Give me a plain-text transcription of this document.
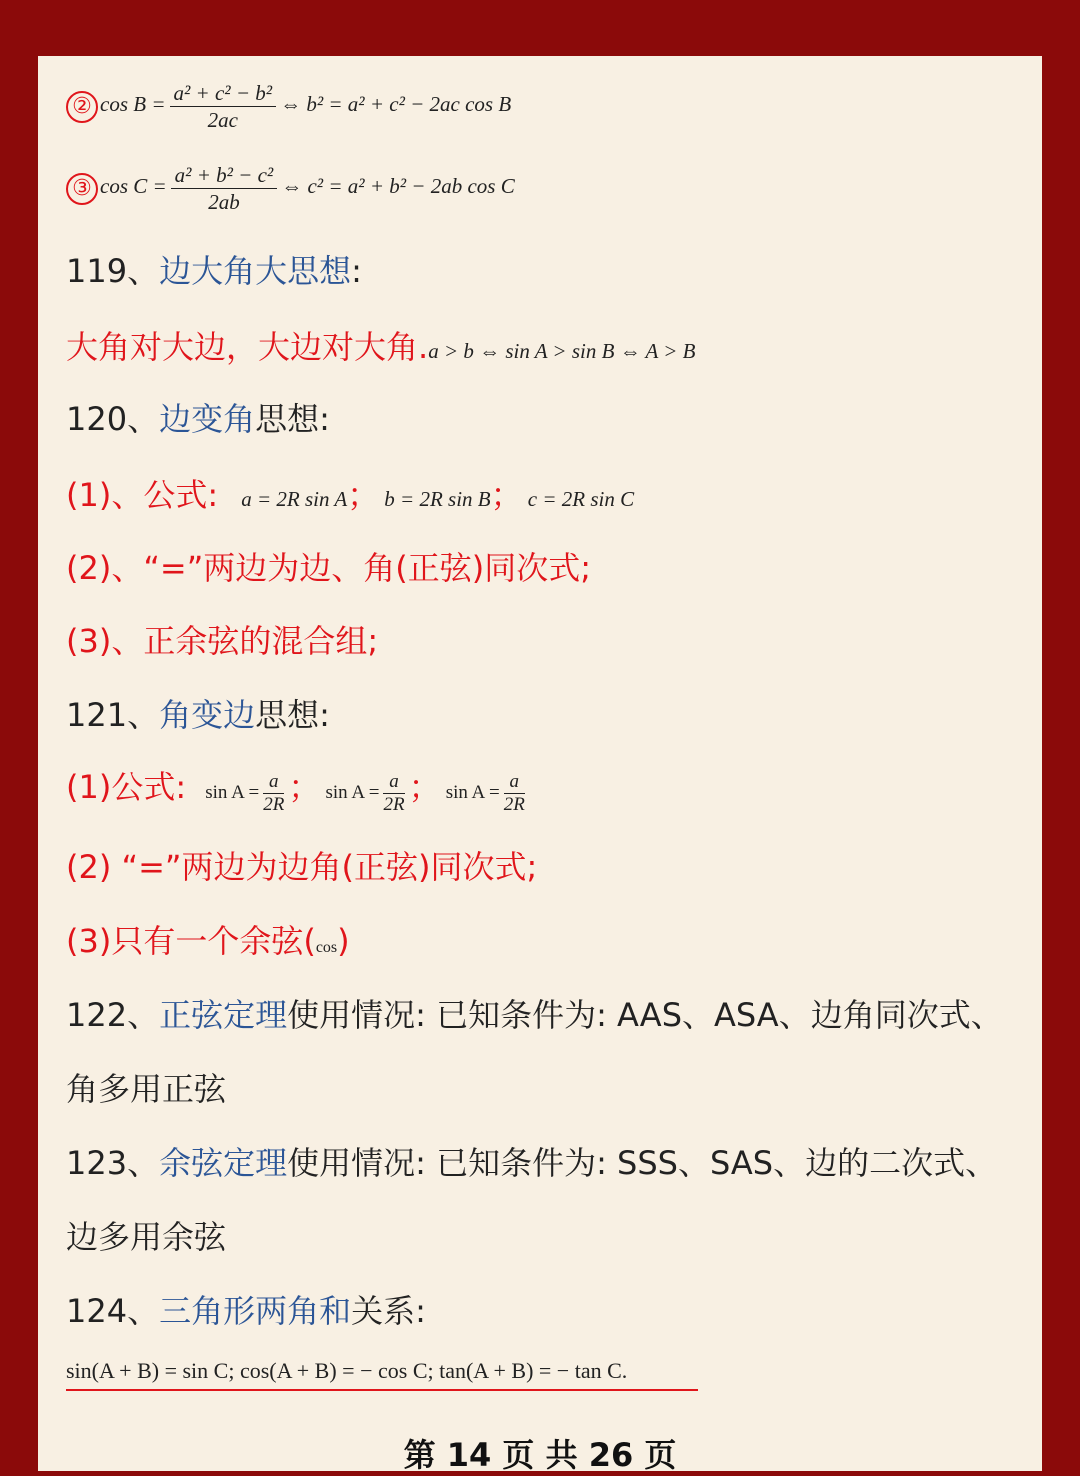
② $\cos B = \frac{\text{a² + c² − b²}}{2ac}$ ⇔ b² = a² + c² − 2ac cos B
③ $\cos C = \frac{\text{a² + b² − c²}}{2ab}$ ⇔ c² = a² + b² − 2ab cos C
119、边大角大思想:
大角对大边，大边对大角.a > b ⇔ sin A > sin B ⇔ A > B
120、边变角思想:
(1)、公式: a = 2R sin A； b = 2R sin B； c = 2R sin C
(2)、“=”两边为边、角(正弦)同次式;
(3)、正余弦的混合组;
121、角变边思想:
(1)公式: $\sin A = \frac{a}{2R}$ ； $\sin A = \frac{a}{2R}$ ； $\sin A = \frac{a}{2R}$
(2) “=”两边为边角(正弦)同次式;
(3)只有一个余弦(cos)
122、正弦定理使用情况: 已知条件为: AAS、ASA、边角同次式、
角多用正弦
123、余弦定理使用情况: 已知条件为: SSS、SAS、边的二次式、
边多用余弦
124、三角形两角和关系:
sin(A + B) = sin C; cos(A + B) = − cos C; tan(A + B) = − tan C.
第 14 页 共 26 页
